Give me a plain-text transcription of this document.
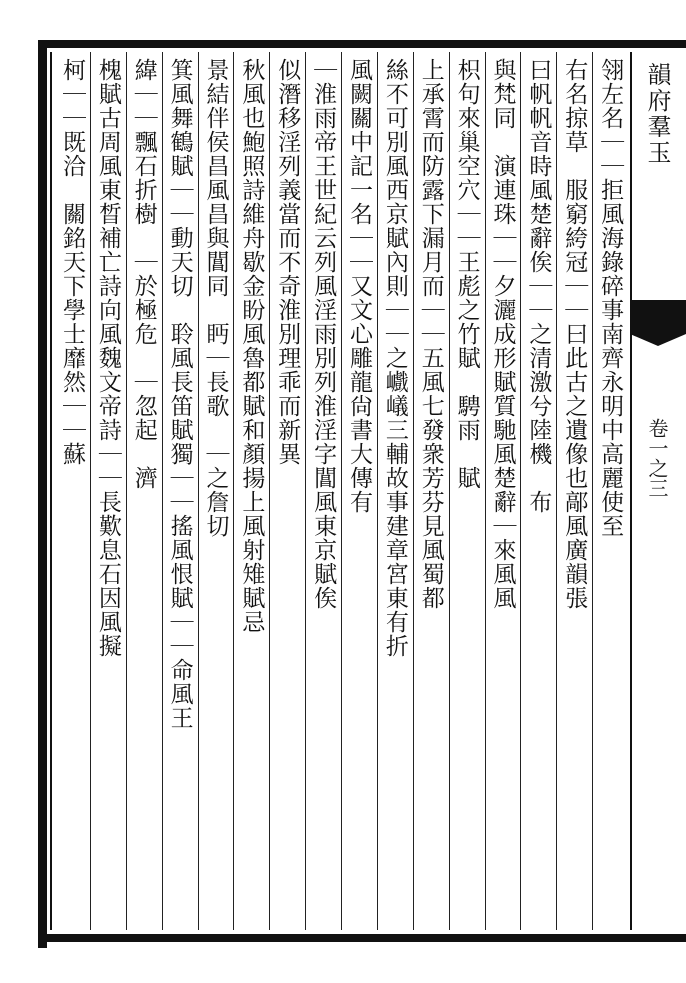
韻府羣玉
卷一之三
翎左名｜｜拒風海錄碎事南齊永明中高麗使至
右名掠草　服窮絝冠｜｜曰此古之遺像也鄗風廣韻張
曰帆帆音時風楚辭俟｜｜之清激兮陸機　布
與梵同　演連珠｜｜夕灑成形賦質馳風楚辭｜來風風
枳句來巢空穴｜｜王彪之竹賦　騁雨　賦
上承霄而防露下漏月而｜｜五風七發衆芳芬見風蜀都
絲不可別風西京賦內則｜｜之巇嶬三輔故事建章宮東有折
風闕關中記一名｜｜又文心雕龍尙書大傳有
｜淮雨帝王世紀云列風淫雨別列淮淫字閶風東京賦俟
似潛移淫列義當而不奇淮別理乖而新異
秋風也鮑照詩維舟歇金盼風魯都賦和顏揚上風射雉賦忌
景結伴侯昌風昌與閶同　眄｜長歌　｜之詹切
箕風舞鶴賦｜｜動天切　聆風長笛賦獨｜｜搖風恨賦｜｜命風王
緯｜｜飄石折樹　｜於極危　｜忽起　濟
槐賦古周風東晳補亡詩向風魏文帝詩｜｜長歎息石因風擬
柯｜｜既洽　關銘天下學士靡然｜｜蘇
